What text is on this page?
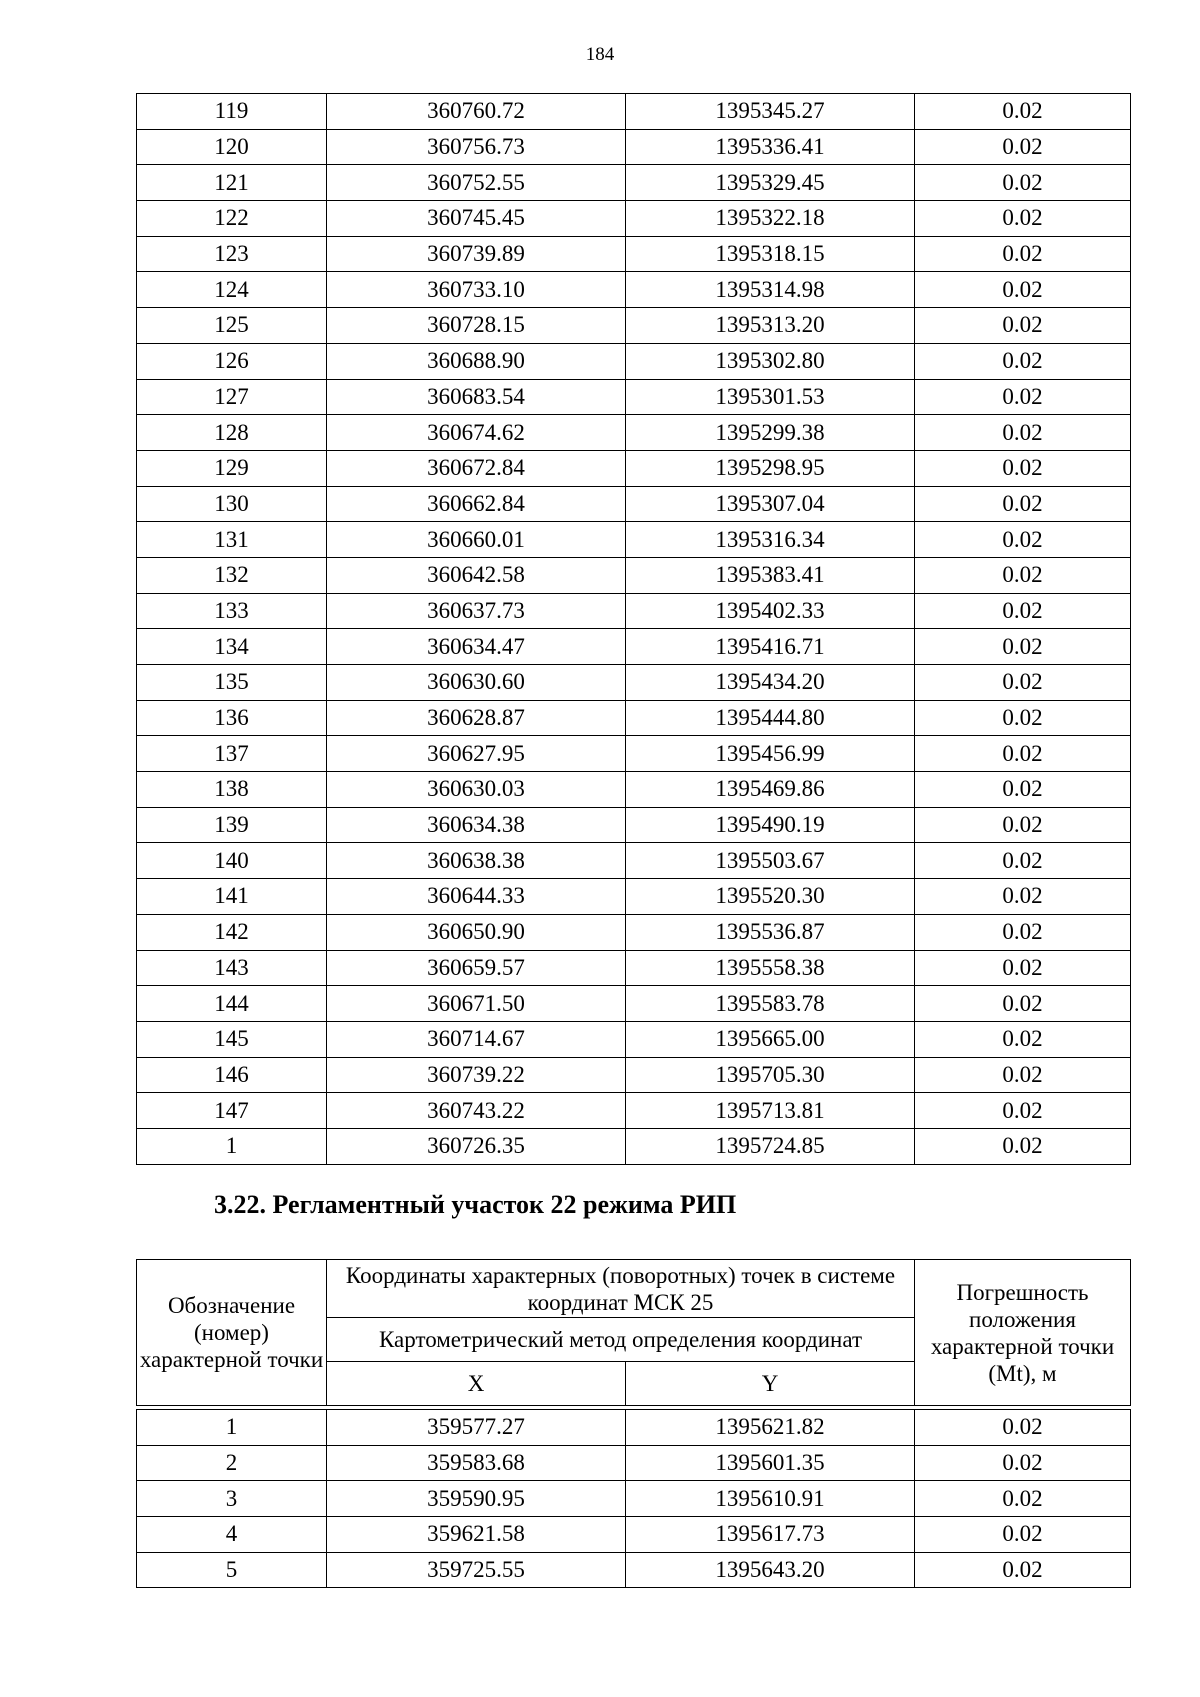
184
119	360760.72	1395345.27	0.02
120	360756.73	1395336.41	0.02
121	360752.55	1395329.45	0.02
122	360745.45	1395322.18	0.02
123	360739.89	1395318.15	0.02
124	360733.10	1395314.98	0.02
125	360728.15	1395313.20	0.02
126	360688.90	1395302.80	0.02
127	360683.54	1395301.53	0.02
128	360674.62	1395299.38	0.02
129	360672.84	1395298.95	0.02
130	360662.84	1395307.04	0.02
131	360660.01	1395316.34	0.02
132	360642.58	1395383.41	0.02
133	360637.73	1395402.33	0.02
134	360634.47	1395416.71	0.02
135	360630.60	1395434.20	0.02
136	360628.87	1395444.80	0.02
137	360627.95	1395456.99	0.02
138	360630.03	1395469.86	0.02
139	360634.38	1395490.19	0.02
140	360638.38	1395503.67	0.02
141	360644.33	1395520.30	0.02
142	360650.90	1395536.87	0.02
143	360659.57	1395558.38	0.02
144	360671.50	1395583.78	0.02
145	360714.67	1395665.00	0.02
146	360739.22	1395705.30	0.02
147	360743.22	1395713.81	0.02
1	360726.35	1395724.85	0.02
3.22. Регламентный участок 22 режима РИП
Обозначение (номер) характерной точки	Координаты характерных (поворотных) точек в системе координат МСК 25		Погрешность положения характерной точки (Mt), м
	Картометрический метод определения координат		
	X	Y	

1	359577.27	1395621.82	0.02
2	359583.68	1395601.35	0.02
3	359590.95	1395610.91	0.02
4	359621.58	1395617.73	0.02
5	359725.55	1395643.20	0.02
